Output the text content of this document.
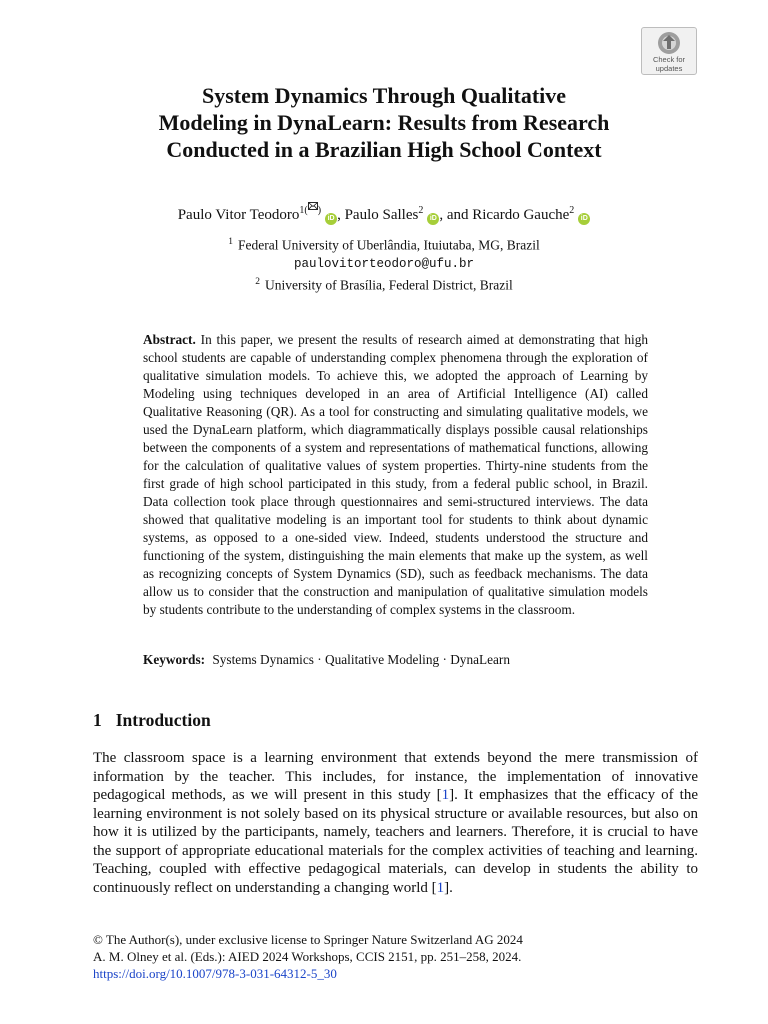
Check for
updates
System Dynamics Through Qualitative
Modeling in DynaLearn: Results from Research
Conducted in a Brazilian High School Context
Paulo Vitor Teodoro$^{1( )}$iD , Paulo Salles$^2$iD , and Ricardo Gauche$^2$iD
$^1$ Federal University of Uberlândia, Ituiutaba, MG, Brazil
paulovitorteodoro@ufu.br
$^2$ University of Brasília, Federal District, Brazil

Abstract. In this paper, we present the results of research aimed at demonstrating that high school students are capable of understanding complex phenomena through the exploration of qualitative simulation models. To achieve this, we adopted the approach of Learning by Modeling using techniques developed in an area of Artificial Intelligence (AI) called Qualitative Reasoning (QR). As a tool for constructing and simulating qualitative models, we used the DynaLearn platform, which diagrammatically displays possible causal relationships between the components of a system and representations of mathematical functions, allowing for the calculation of qualitative values of system properties. Thirty-nine students from the first grade of high school participated in this study, from a federal public school, in Brazil. Data collection took place through questionnaires and semi-structured interviews. The data showed that qualitative modeling is an important tool for students to think about dynamic systems, as opposed to a one-sided view. Indeed, students understood the structure and functioning of the system, distinguishing the main elements that make up the system, as well as recognizing concepts of System Dynamics (SD), such as feedback mechanisms. The data allow us to consider that the construction and manipulation of qualitative simulation models by students contribute to the understanding of complex systems in the classroom.

Keywords: Systems Dynamics · Qualitative Modeling · DynaLearn

1 Introduction

The classroom space is a learning environment that extends beyond the mere transmission of information by the teacher. This includes, for instance, the implementation of innovative pedagogical methods, as we will present in this study [1]. It emphasizes that the efficacy of the learning environment is not solely based on its physical structure or available resources, but also on how it is utilized by the participants, namely, teachers and learners. Therefore, it is crucial to have the support of appropriate educational materials for the complex activities of teaching and learning. Teaching, coupled with effective pedagogical materials, can develop in students the ability to continuously reflect on understanding a changing world [1].

© The Author(s), under exclusive license to Springer Nature Switzerland AG 2024
A. M. Olney et al. (Eds.): AIED 2024 Workshops, CCIS 2151, pp. 251–258, 2024.
https://doi.org/10.1007/978-3-031-64312-5_30
